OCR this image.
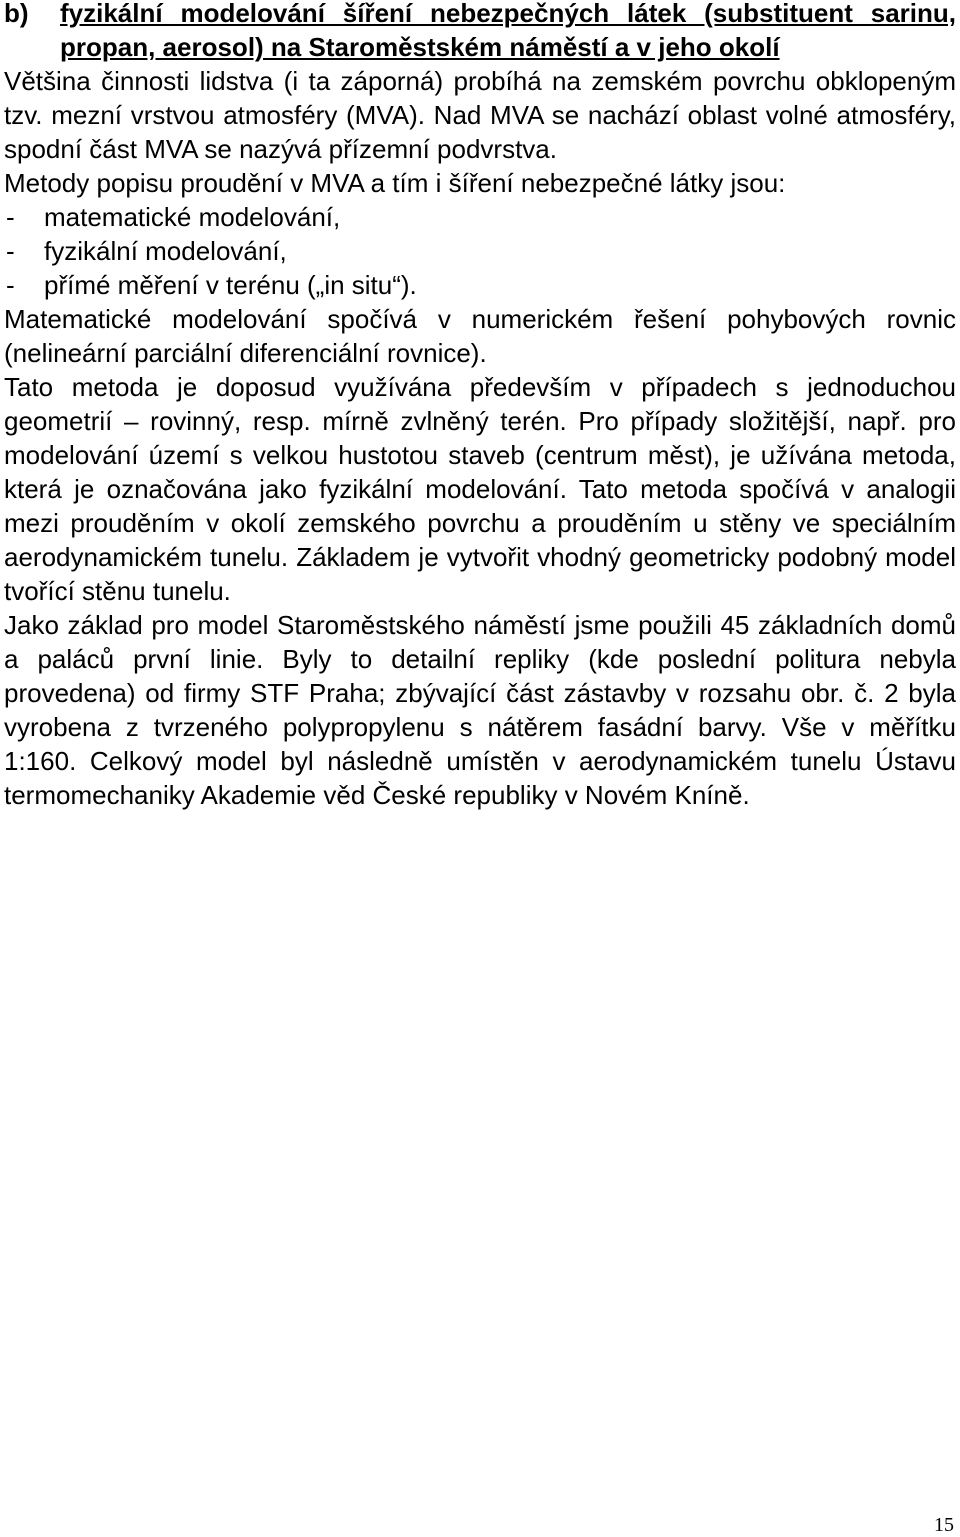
b)	fyzikální modelování šíření nebezpečných látek (substituent sarinu, propan, aerosol) na Staroměstském náměstí a v jeho okolí

Většina činnosti lidstva (i ta záporná) probíhá na zemském povrchu obklopeným tzv. mezní vrstvou atmosféry (MVA). Nad MVA se nachází oblast volné atmosféry, spodní část MVA se nazývá přízemní podvrstva.

Metody popisu proudění v MVA a tím i šíření nebezpečné látky jsou:

-	matematické modelování,
-	fyzikální modelování,
-	přímé měření v terénu („in situ“).

Matematické modelování spočívá v numerickém řešení pohybových rovnic (nelineární parciální diferenciální rovnice).

Tato metoda je doposud využívána především v případech s jednoduchou geometrií – rovinný, resp. mírně zvlněný terén. Pro případy složitější, např. pro modelování území s velkou hustotou staveb (centrum měst), je užívána metoda, která je označována jako fyzikální modelování. Tato metoda spočívá v analogii mezi prouděním v okolí zemského povrchu a prouděním u stěny ve speciálním aerodynamickém tunelu. Základem je vytvořit vhodný geometricky podobný model tvořící stěnu tunelu.

Jako základ pro model Staroměstského náměstí jsme použili 45 základních domů a paláců první linie. Byly to detailní repliky (kde poslední politura nebyla provedena) od firmy STF Praha; zbývající část zástavby v rozsahu obr. č. 2 byla vyrobena z tvrzeného polypropylenu s nátěrem fasádní barvy. Vše v měřítku 1:160. Celkový model byl následně umístěn v aerodynamickém tunelu Ústavu termomechaniky Akademie věd České republiky v Novém Kníně.

15
